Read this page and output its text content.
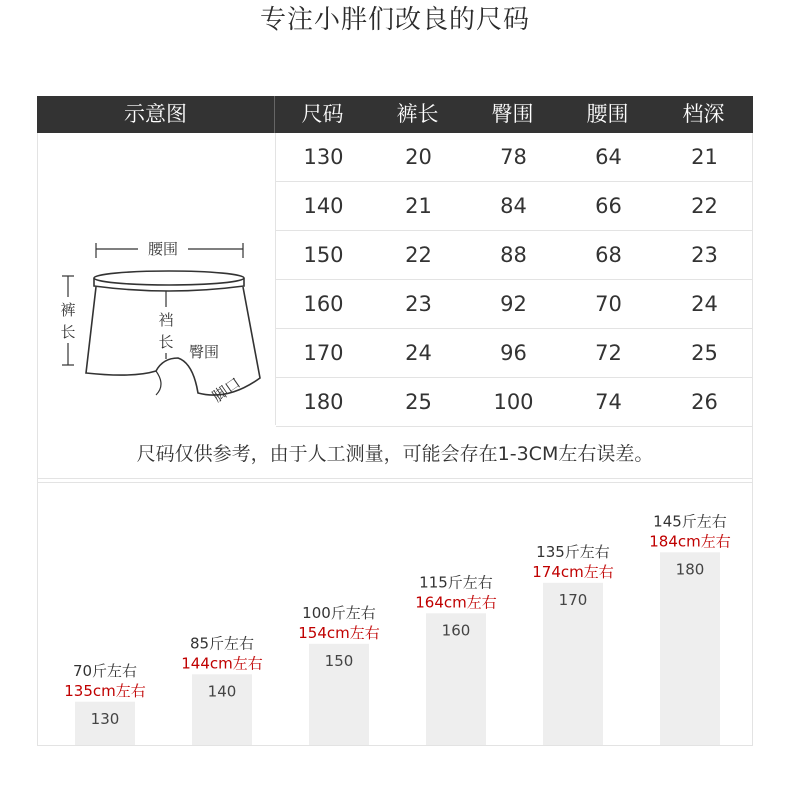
专注小胖们改良的尺码
示意图	尺码	裤长	臀围	腰围	档深
腰围
裤
长
裆
长
臀围
脚口
130	20	78	64	21
140	21	84	66	22
150	22	88	68	23
160	23	92	70	24
170	24	96	72	25
180	25	100	74	26
尺码仅供参考，由于人工测量，可能会存在1-3CM左右误差。
130
135cm左右
70斤左右
140
144cm左右
85斤左右
150
154cm左右
100斤左右
160
164cm左右
115斤左右
170
174cm左右
135斤左右
180
184cm左右
145斤左右
